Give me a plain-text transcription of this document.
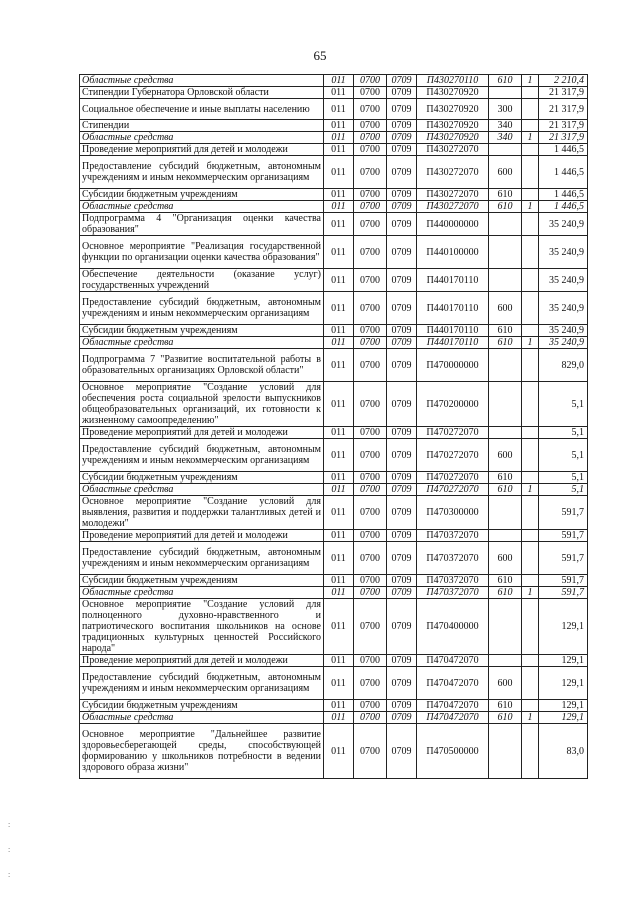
65
:
:
:
Областные средства	011	0700	0709	П430270110	610	1	2 210,4
Стипендии Губернатора Орловской области	011	0700	0709	П430270920			21 317,9
Социальное обеспечение и иные выплаты населению	011	0700	0709	П430270920	300		21 317,9
Стипендии	011	0700	0709	П430270920	340		21 317,9
Областные средства	011	0700	0709	П430270920	340	1	21 317,9
Проведение мероприятий для детей и молодежи	011	0700	0709	П430272070			1 446,5
Предоставление субсидий бюджетным, автономным учреждениям и иным некоммерческим организациям	011	0700	0709	П430272070	600		1 446,5
Субсидии бюджетным учреждениям	011	0700	0709	П430272070	610		1 446,5
Областные средства	011	0700	0709	П430272070	610	1	1 446,5
Подпрограмма 4 "Организация оценки качества образования"	011	0700	0709	П440000000			35 240,9
Основное мероприятие "Реализация государственной функции по организации оценки качества образования"	011	0700	0709	П440100000			35 240,9
Обеспечение деятельности (оказание услуг) государственных учреждений	011	0700	0709	П440170110			35 240,9
Предоставление субсидий бюджетным, автономным учреждениям и иным некоммерческим организациям	011	0700	0709	П440170110	600		35 240,9
Субсидии бюджетным учреждениям	011	0700	0709	П440170110	610		35 240,9
Областные средства	011	0700	0709	П440170110	610	1	35 240,9
Подпрограмма 7 "Развитие воспитательной работы в образовательных организациях Орловской области"	011	0700	0709	П470000000			829,0
Основное мероприятие "Создание условий для обеспечения роста социальной зрелости выпускников общеобразовательных организаций, их готовности к жизненному самоопределению"	011	0700	0709	П470200000			5,1
Проведение мероприятий для детей и молодежи	011	0700	0709	П470272070			5,1
Предоставление субсидий бюджетным, автономным учреждениям и иным некоммерческим организациям	011	0700	0709	П470272070	600		5,1
Субсидии бюджетным учреждениям	011	0700	0709	П470272070	610		5,1
Областные средства	011	0700	0709	П470272070	610	1	5,1
Основное мероприятие "Создание условий для выявления, развития и поддержки талантливых детей и молодежи"	011	0700	0709	П470300000			591,7
Проведение мероприятий для детей и молодежи	011	0700	0709	П470372070			591,7
Предоставление субсидий бюджетным, автономным учреждениям и иным некоммерческим организациям	011	0700	0709	П470372070	600		591,7
Субсидии бюджетным учреждениям	011	0700	0709	П470372070	610		591,7
Областные средства	011	0700	0709	П470372070	610	1	591,7
Основное мероприятие "Создание условий для полноценного духовно-нравственного и патриотического воспитания школьников на основе традиционных культурных ценностей Российского народа"	011	0700	0709	П470400000			129,1
Проведение мероприятий для детей и молодежи	011	0700	0709	П470472070			129,1
Предоставление субсидий бюджетным, автономным учреждениям и иным некоммерческим организациям	011	0700	0709	П470472070	600		129,1
Субсидии бюджетным учреждениям	011	0700	0709	П470472070	610		129,1
Областные средства	011	0700	0709	П470472070	610	1	129,1
Основное мероприятие "Дальнейшее развитие здоровьесберегающей среды, способствующей формированию у школьников потребности в ведении здорового образа жизни"	011	0700	0709	П470500000			83,0
